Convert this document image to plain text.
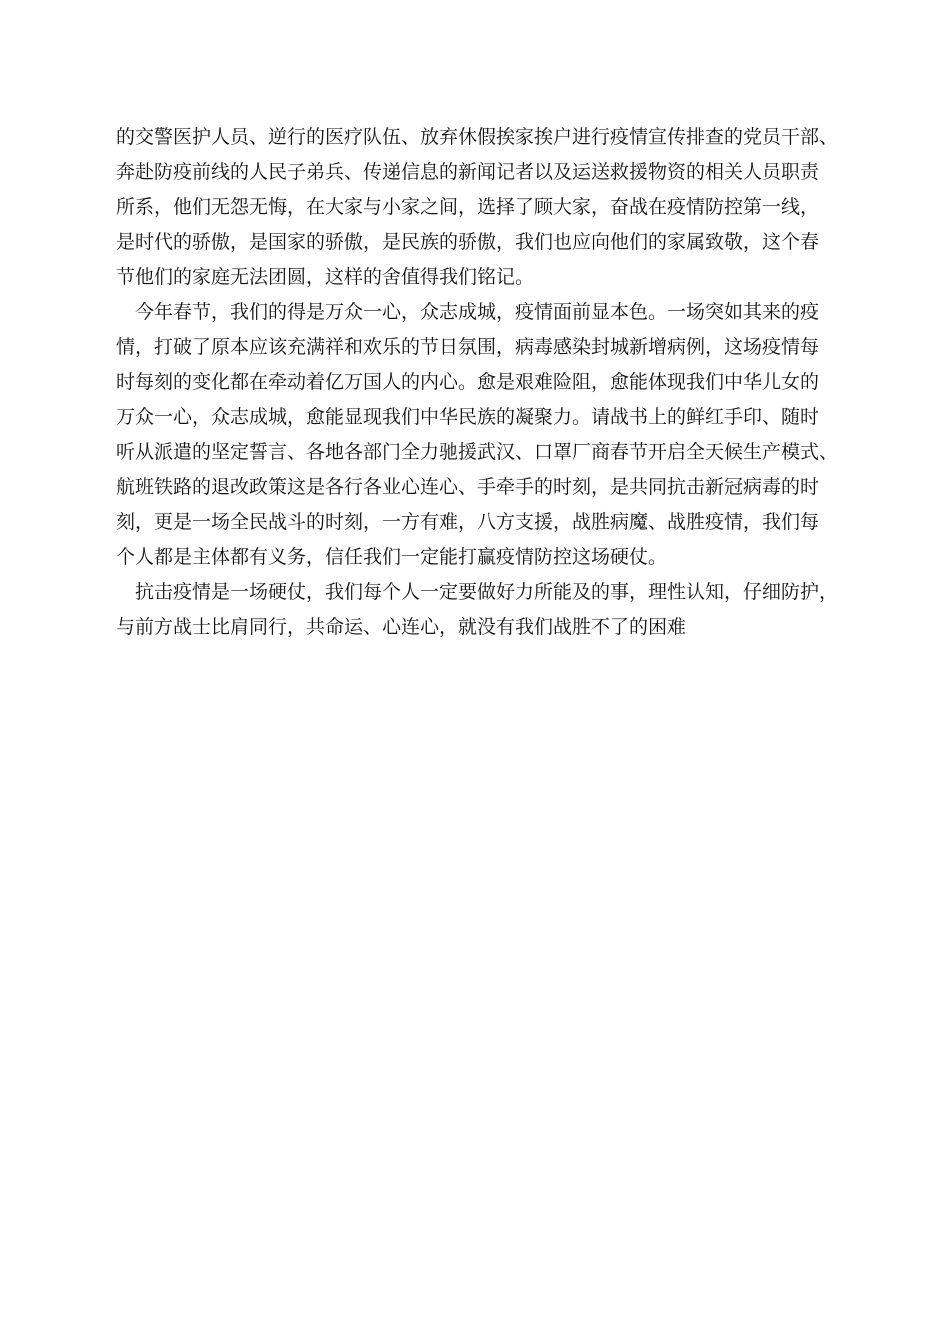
的交警医护人员、逆行的医疗队伍、放弃休假挨家挨户进行疫情宣传排查的党员干部、
奔赴防疫前线的人民子弟兵、传递信息的新闻记者以及运送救援物资的相关人员职责
所系，他们无怨无悔，在大家与小家之间，选择了顾大家，奋战在疫情防控第一线，
是时代的骄傲，是国家的骄傲，是民族的骄傲，我们也应向他们的家属致敬，这个春
节他们的家庭无法团圆，这样的舍值得我们铭记。
今年春节，我们的得是万众一心，众志成城，疫情面前显本色。一场突如其来的疫
情，打破了原本应该充满祥和欢乐的节日氛围，病毒感染封城新增病例，这场疫情每
时每刻的变化都在牵动着亿万国人的内心。愈是艰难险阻，愈能体现我们中华儿女的
万众一心，众志成城，愈能显现我们中华民族的凝聚力。请战书上的鲜红手印、随时
听从派遣的坚定誓言、各地各部门全力驰援武汉、口罩厂商春节开启全天候生产模式、
航班铁路的退改政策这是各行各业心连心、手牵手的时刻，是共同抗击新冠病毒的时
刻，更是一场全民战斗的时刻，一方有难，八方支援，战胜病魔、战胜疫情，我们每
个人都是主体都有义务，信任我们一定能打赢疫情防控这场硬仗。
抗击疫情是一场硬仗，我们每个人一定要做好力所能及的事，理性认知，仔细防护，
与前方战士比肩同行，共命运、心连心，就没有我们战胜不了的困难
